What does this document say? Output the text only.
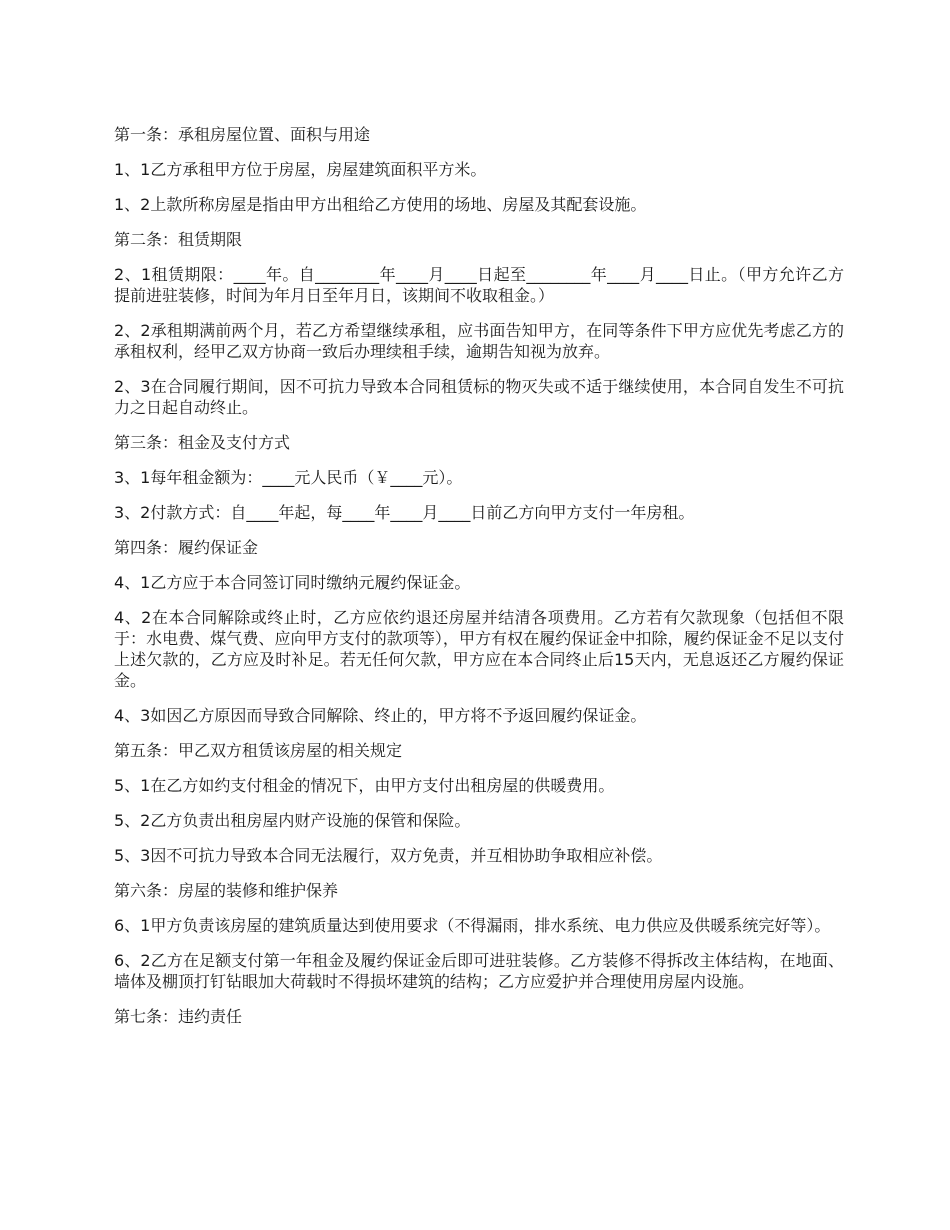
第一条：承租房屋位置、面积与用途

1、1乙方承租甲方位于房屋，房屋建筑面积平方米。

1、2上款所称房屋是指由甲方出租给乙方使用的场地、房屋及其配套设施。

第二条：租赁期限

2、1租赁期限：____年。自________年____月____日起至________年____月____日止。（甲方允许乙方提前进驻装修，时间为年月日至年月日，该期间不收取租金。）

2、2承租期满前两个月，若乙方希望继续承租，应书面告知甲方，在同等条件下甲方应优先考虑乙方的承租权利，经甲乙双方协商一致后办理续租手续，逾期告知视为放弃。

2、3在合同履行期间，因不可抗力导致本合同租赁标的物灭失或不适于继续使用，本合同自发生不可抗力之日起自动终止。

第三条：租金及支付方式

3、1每年租金额为：____元人民币（￥____元）。

3、2付款方式：自____年起，每____年____月____日前乙方向甲方支付一年房租。

第四条：履约保证金

4、1乙方应于本合同签订同时缴纳元履约保证金。

4、2在本合同解除或终止时，乙方应依约退还房屋并结清各项费用。乙方若有欠款现象（包括但不限于：水电费、煤气费、应向甲方支付的款项等），甲方有权在履约保证金中扣除，履约保证金不足以支付上述欠款的，乙方应及时补足。若无任何欠款，甲方应在本合同终止后15天内，无息返还乙方履约保证金。

4、3如因乙方原因而导致合同解除、终止的，甲方将不予返回履约保证金。

第五条：甲乙双方租赁该房屋的相关规定

5、1在乙方如约支付租金的情况下，由甲方支付出租房屋的供暖费用。

5、2乙方负责出租房屋内财产设施的保管和保险。

5、3因不可抗力导致本合同无法履行，双方免责，并互相协助争取相应补偿。

第六条：房屋的装修和维护保养

6、1甲方负责该房屋的建筑质量达到使用要求（不得漏雨，排水系统、电力供应及供暖系统完好等）。

6、2乙方在足额支付第一年租金及履约保证金后即可进驻装修。乙方装修不得拆改主体结构，在地面、墙体及棚顶打钉钻眼加大荷载时不得损坏建筑的结构；乙方应爱护并合理使用房屋内设施。

第七条：违约责任
